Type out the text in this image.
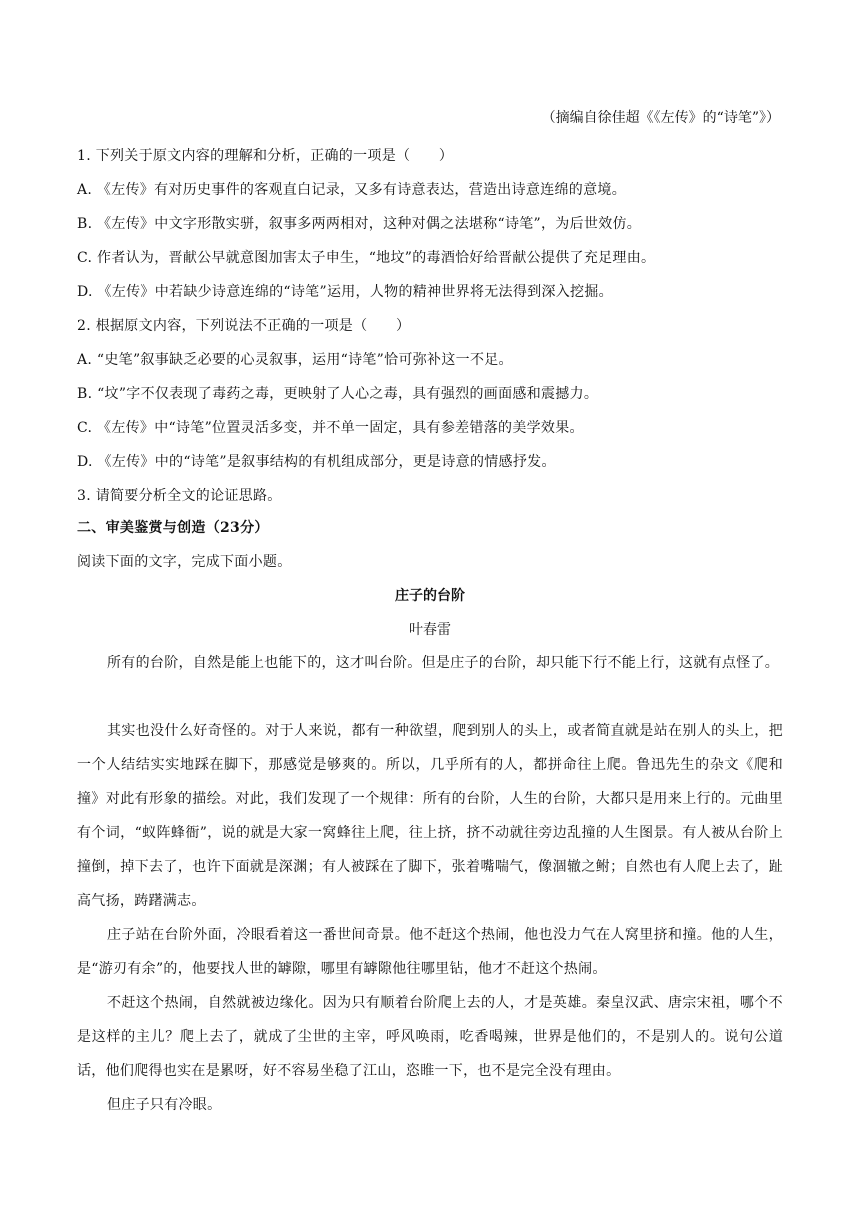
（摘编自徐佳超《《左传》的“诗笔”》）
1. 下列关于原文内容的理解和分析，正确的一项是（　　）
A. 《左传》有对历史事件的客观直白记录，又多有诗意表达，营造出诗意连绵的意境。
B. 《左传》中文字形散实骈，叙事多两两相对，这种对偶之法堪称“诗笔”，为后世效仿。
C. 作者认为，晋献公早就意图加害太子申生，“地坟”的毒酒恰好给晋献公提供了充足理由。
D. 《左传》中若缺少诗意连绵的“诗笔”运用，人物的精神世界将无法得到深入挖掘。
2. 根据原文内容，下列说法不正确的一项是（　　）
A. “史笔”叙事缺乏必要的心灵叙事，运用“诗笔”恰可弥补这一不足。
B. “坟”字不仅表现了毒药之毒，更映射了人心之毒，具有强烈的画面感和震撼力。
C. 《左传》中“诗笔”位置灵活多变，并不单一固定，具有参差错落的美学效果。
D. 《左传》中的“诗笔”是叙事结构的有机组成部分，更是诗意的情感抒发。
3. 请简要分析全文的论证思路。
二、审美鉴赏与创造（23分）
阅读下面的文字，完成下面小题。
庄子的台阶
叶春雷
所有的台阶，自然是能上也能下的，这才叫台阶。但是庄子的台阶，却只能下行不能上行，这就有点怪了。
其实也没什么好奇怪的。对于人来说，都有一种欲望，爬到别人的头上，或者简直就是站在别人的头上，把一个人结结实实地踩在脚下，那感觉是够爽的。所以，几乎所有的人，都拼命往上爬。鲁迅先生的杂文《爬和撞》对此有形象的描绘。对此，我们发现了一个规律：所有的台阶，人生的台阶，大都只是用来上行的。元曲里有个词，“蚁阵蜂衙”，说的就是大家一窝蜂往上爬，往上挤，挤不动就往旁边乱撞的人生图景。有人被从台阶上撞倒，掉下去了，也许下面就是深渊；有人被踩在了脚下，张着嘴喘气，像涸辙之鲋；自然也有人爬上去了，趾高气扬，踌躇满志。
庄子站在台阶外面，冷眼看着这一番世间奇景。他不赶这个热闹，他也没力气在人窝里挤和撞。他的人生，是“游刃有余”的，他要找人世的罅隙，哪里有罅隙他往哪里钻，他才不赶这个热闹。
不赶这个热闹，自然就被边缘化。因为只有顺着台阶爬上去的人，才是英雄。秦皇汉武、唐宗宋祖，哪个不是这样的主儿？爬上去了，就成了尘世的主宰，呼风唤雨，吃香喝辣，世界是他们的，不是别人的。说句公道话，他们爬得也实在是累呀，好不容易坐稳了江山，恣睢一下，也不是完全没有理由。
但庄子只有冷眼。
